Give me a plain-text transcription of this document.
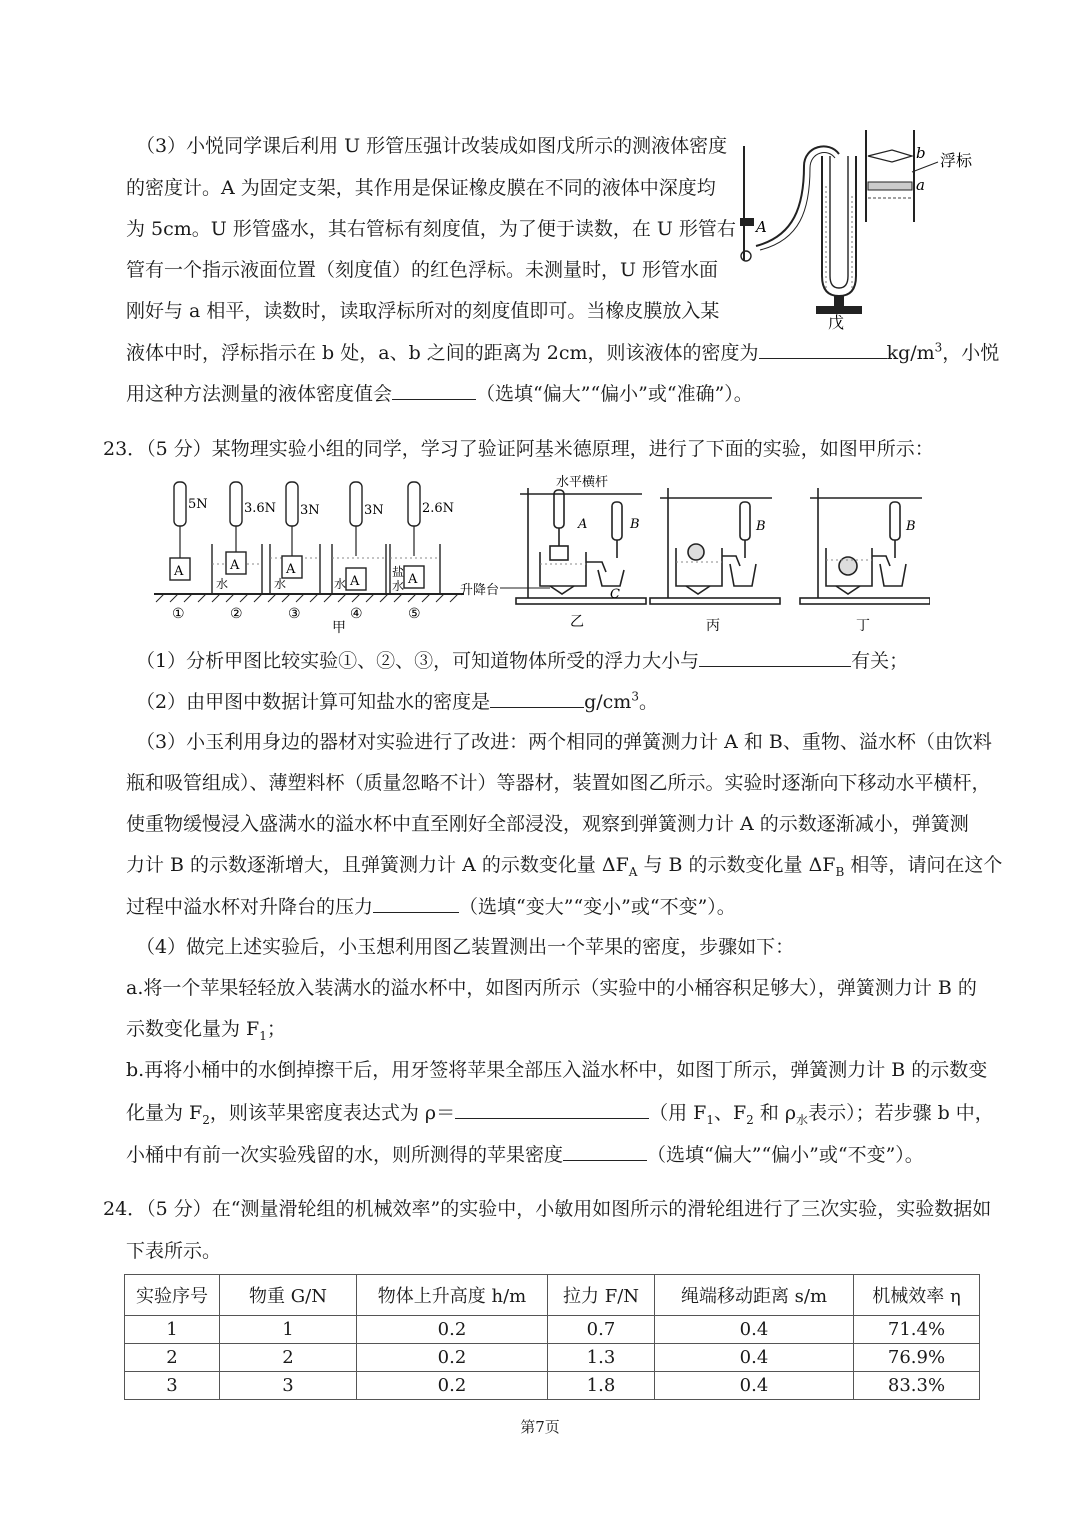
（3）小悦同学课后利用 U 形管压强计改装成如图戊所示的测液体密度
的密度计。A 为固定支架，其作用是保证橡皮膜在不同的液体中深度均
为 5cm。U 形管盛水，其右管标有刻度值，为了便于读数，在 U 形管右
管有一个指示液面位置（刻度值）的红色浮标。未测量时，U 形管水面
刚好与 a 相平，读数时，读取浮标所对的刻度值即可。当橡皮膜放入某
液体中时，浮标指示在 b 处，a、b 之间的距离为 2cm，则该液体的密度为	$kg/m^3$，小悦
用这种方法测量的液体密度值会	（选填“偏大”“偏小”或“准确”）。
A
戊
b
a
浮标
23．（5 分）某物理实验小组的同学，学习了验证阿基米德原理，进行了下面的实验，如图甲所示：
5N	3.6N 3N	3N	2.6N
A	A	A
A	A
水	水	水
盐
水
①	②	③	④	⑤
甲
水平横杆
A	B
C
升降台
乙
B
丙
B
丁
（1）分析甲图比较实验①、②、③，可知道物体所受的浮力大小与	有关；
（2）由甲图中数据计算可知盐水的密度是	$g/cm^3$。
（3）小玉利用身边的器材对实验进行了改进：两个相同的弹簧测力计 A 和 B、重物、溢水杯（由饮料
瓶和吸管组成）、薄塑料杯（质量忽略不计）等器材，装置如图乙所示。实验时逐渐向下移动水平横杆，
使重物缓慢浸入盛满水的溢水杯中直至刚好全部浸没，观察到弹簧测力计 A 的示数逐渐减小，弹簧测
力计 B 的示数逐渐增大，且弹簧测力计 A 的示数变化量 $\Delta F_A$ 与 B 的示数变化量 $\Delta F_B$ 相等，请问在这个
过程中溢水杯对升降台的压力	（选填“变大”“变小”或“不变”）。
（4）做完上述实验后，小玉想利用图乙装置测出一个苹果的密度，步骤如下：
a.将一个苹果轻轻放入装满水的溢水杯中，如图丙所示（实验中的小桶容积足够大），弹簧测力计 B 的
示数变化量为 $F_1$；
b.再将小桶中的水倒掉擦干后，用牙签将苹果全部压入溢水杯中，如图丁所示，弹簧测力计 B 的示数变
化量为 $F_2$，则该苹果密度表达式为 ρ＝	（用 $F_1$、$F_2$ 和 $\rho_水$表示）；若步骤 b 中，
小桶中有前一次实验残留的水，则所测得的苹果密度	（选填“偏大”“偏小”或“不变”）。
24．（5 分）在“测量滑轮组的机械效率”的实验中，小敏用如图所示的滑轮组进行了三次实验，实验数据如
下表所示。
实验序号	物重 G/N	物体上升高度 h/m	拉力 F/N	绳端移动距离 s/m	机械效率 η
1	1	0.2	0.7	0.4	71.4%
2	2	0.2	1.3	0.4	76.9%
3	3	0.2	1.8	0.4	83.3%
第7页
